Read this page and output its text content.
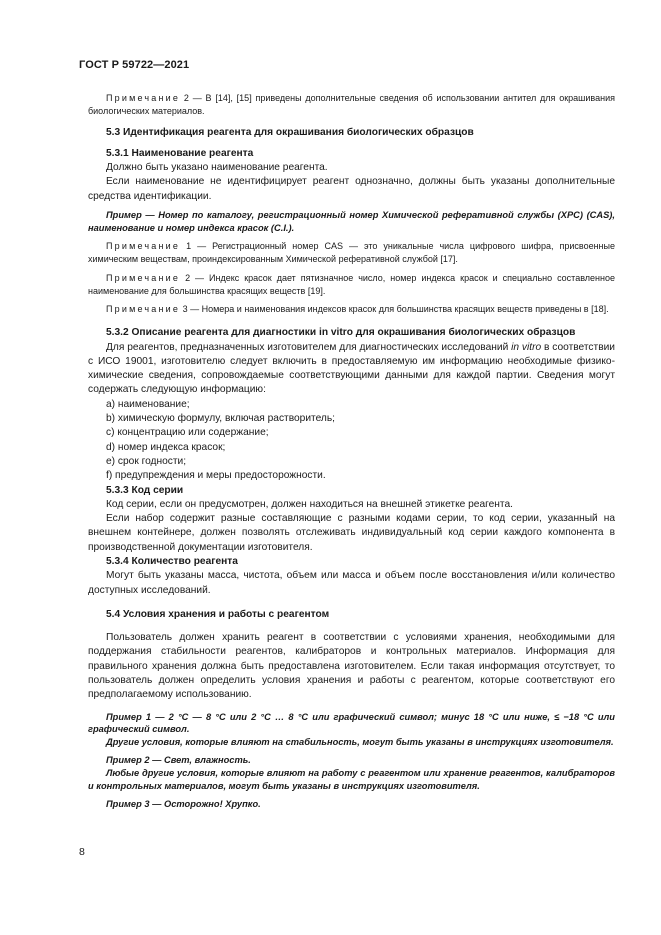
ГОСТ Р 59722—2021

Примечание 2 — В [14], [15] приведены дополнительные сведения об использовании антител для окрашивания биологических материалов.

5.3 Идентификация реагента для окрашивания биологических образцов

5.3.1 Наименование реагента

Должно быть указано наименование реагента.

Если наименование не идентифицирует реагент однозначно, должны быть указаны дополнительные средства идентификации.

Пример — Номер по каталогу, регистрационный номер Химической реферативной службы (ХРС) (CAS), наименование и номер индекса красок (C.I.).

Примечание 1 — Регистрационный номер CAS — это уникальные числа цифрового шифра, присвоенные химическим веществам, проиндексированным Химической реферативной службой [17].

Примечание 2 — Индекс красок дает пятизначное число, номер индекса красок и специально составленное наименование для большинства красящих веществ [19].

Примечание 3 — Номера и наименования индексов красок для большинства красящих веществ приведены в [18].

5.3.2 Описание реагента для диагностики in vitro для окрашивания биологических образцов

Для реагентов, предназначенных изготовителем для диагностических исследований in vitro в соответствии с ИСО 19001, изготовителю следует включить в предоставляемую им информацию необходимые физико-химические сведения, сопровождаемые соответствующими данными для каждой партии. Сведения могут содержать следующую информацию:

a) наименование;

b) химическую формулу, включая растворитель;

c) концентрацию или содержание;

d) номер индекса красок;

e) срок годности;

f) предупреждения и меры предосторожности.

5.3.3 Код серии

Код серии, если он предусмотрен, должен находиться на внешней этикетке реагента.

Если набор содержит разные составляющие с разными кодами серии, то код серии, указанный на внешнем контейнере, должен позволять отслеживать индивидуальный код серии каждого компонента в производственной документации изготовителя.

5.3.4 Количество реагента

Могут быть указаны масса, чистота, объем или масса и объем после восстановления и/или количество доступных исследований.

5.4 Условия хранения и работы с реагентом

Пользователь должен хранить реагент в соответствии с условиями хранения, необходимыми для поддержания стабильности реагентов, калибраторов и контрольных материалов. Информация для правильного хранения должна быть предоставлена изготовителем. Если такая информация отсутствует, то пользователь должен определить условия хранения и работы с реагентом, которые соответствуют его предполагаемому использованию.

Пример 1 — 2 °C — 8 °C или 2 °C … 8 °C или графический символ; минус 18 °C или ниже, ≤ −18 °C или графический символ.

Другие условия, которые влияют на стабильность, могут быть указаны в инструкциях изготовителя.

Пример 2 — Свет, влажность.

Любые другие условия, которые влияют на работу с реагентом или хранение реагентов, калибраторов и контрольных материалов, могут быть указаны в инструкциях изготовителя.

Пример 3 — Осторожно! Хрупко.

8
